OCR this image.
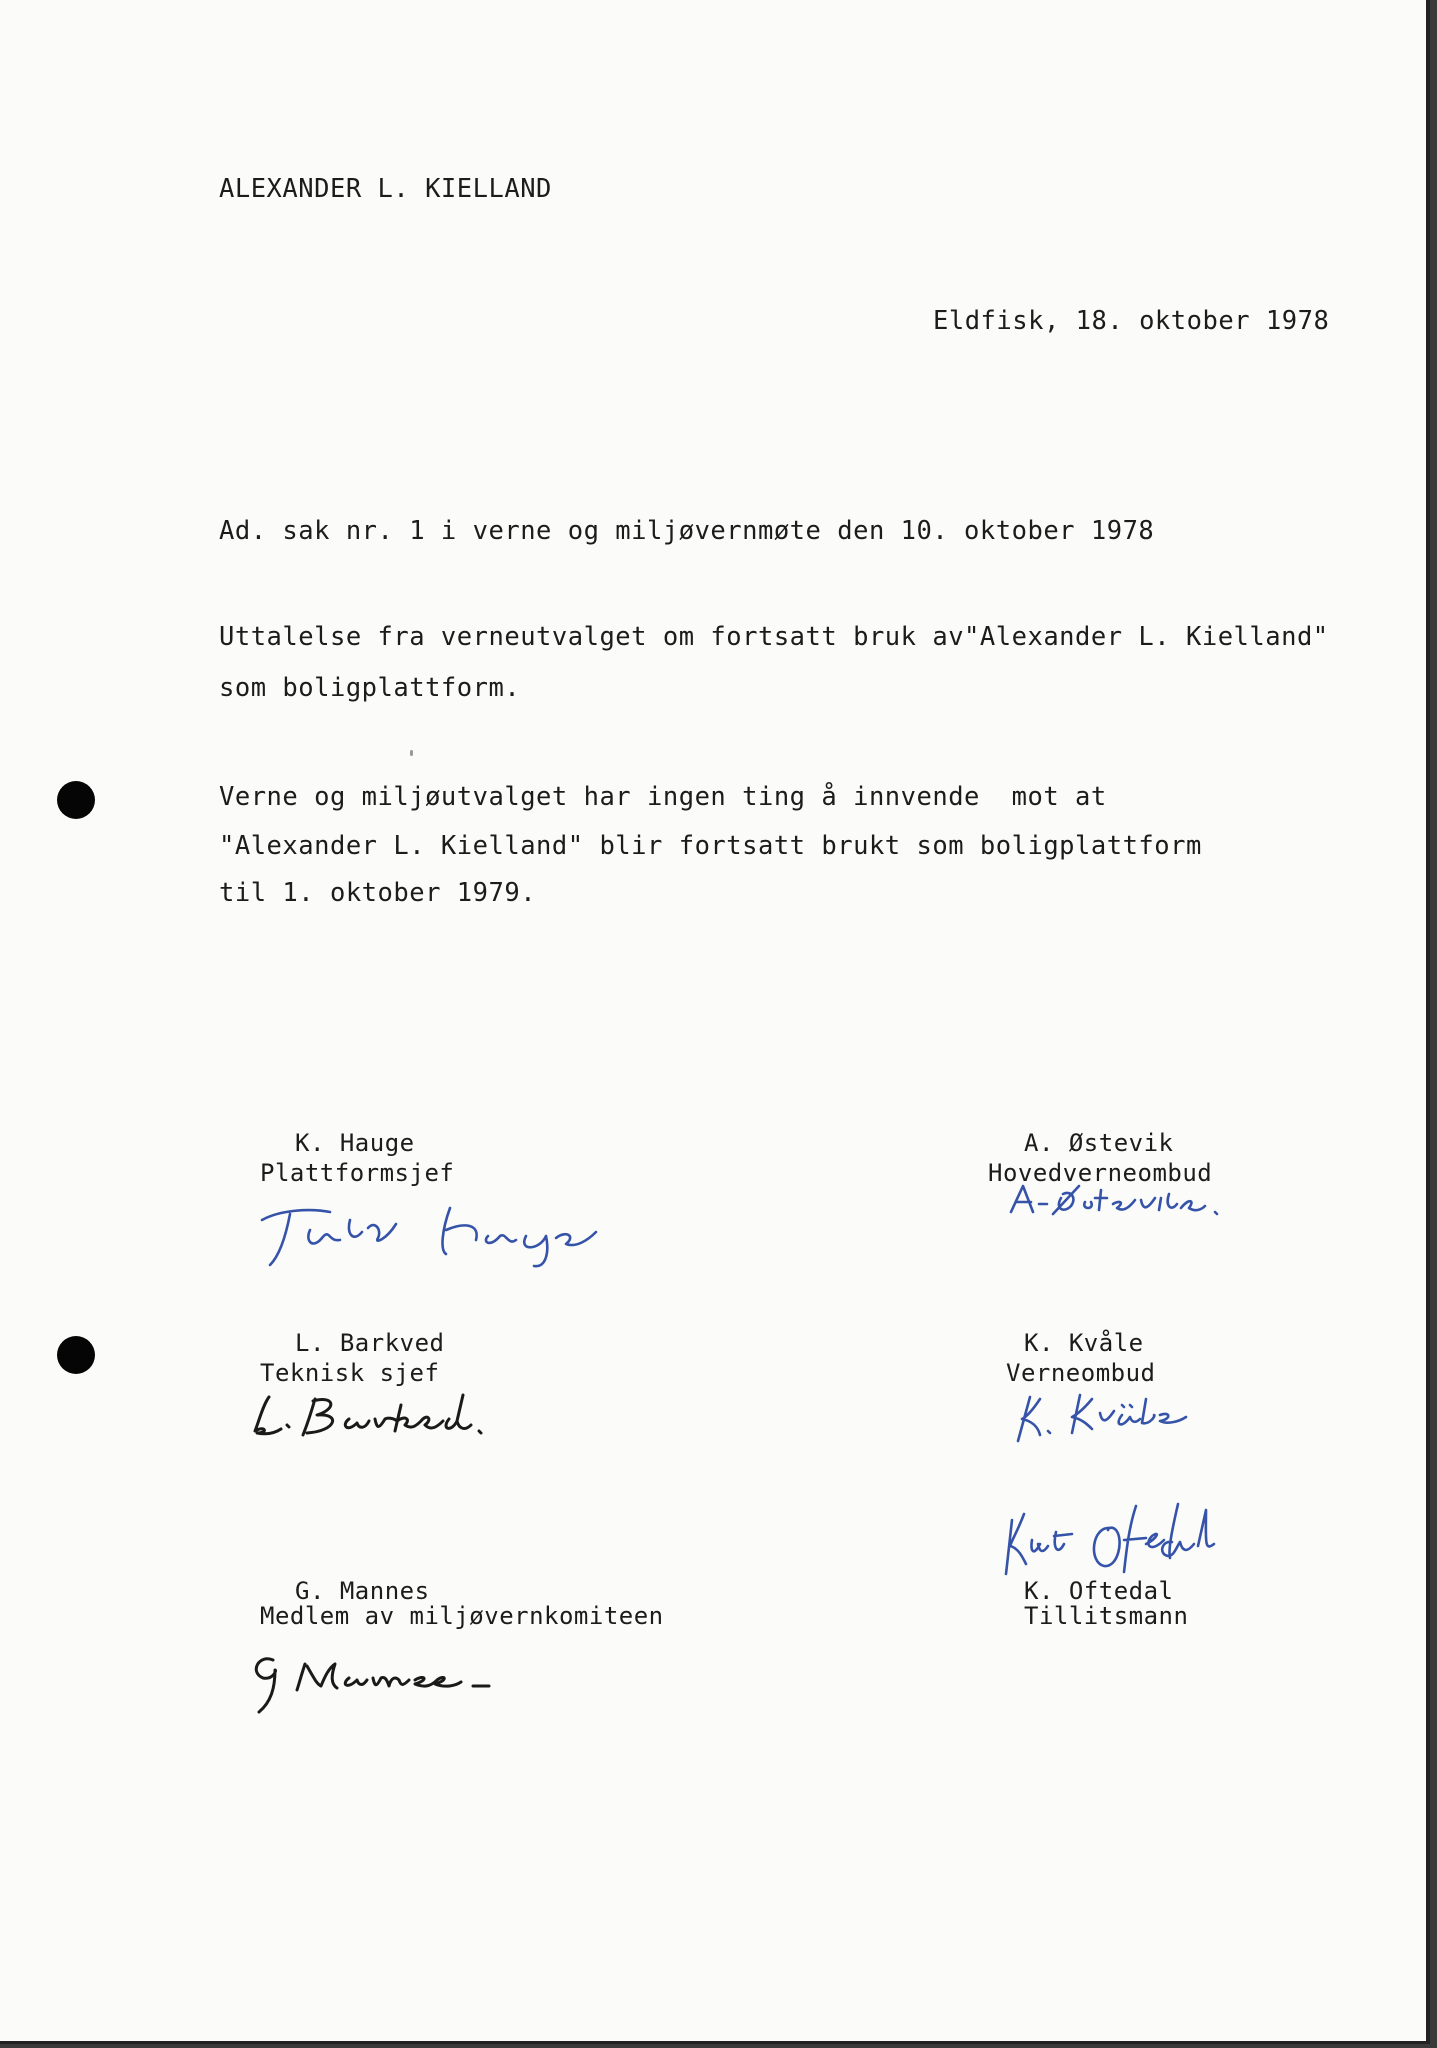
ALEXANDER L. KIELLAND
Eldfisk, 18. oktober 1978
Ad. sak nr. 1 i verne og miljøvernmøte den 10. oktober 1978
Uttalelse fra verneutvalget om fortsatt bruk av"Alexander L. Kielland"
som boligplattform.
Verne og miljøutvalget har ingen ting å innvende  mot at
"Alexander L. Kielland" blir fortsatt brukt som boligplattform
til 1. oktober 1979.
K. Hauge
Plattformsjef
A. Østevik
Hovedverneombud
L. Barkved
Teknisk sjef
K. Kvåle
Verneombud
G. Mannes
Medlem av miljøvernkomiteen
K. Oftedal
Tillitsmann
